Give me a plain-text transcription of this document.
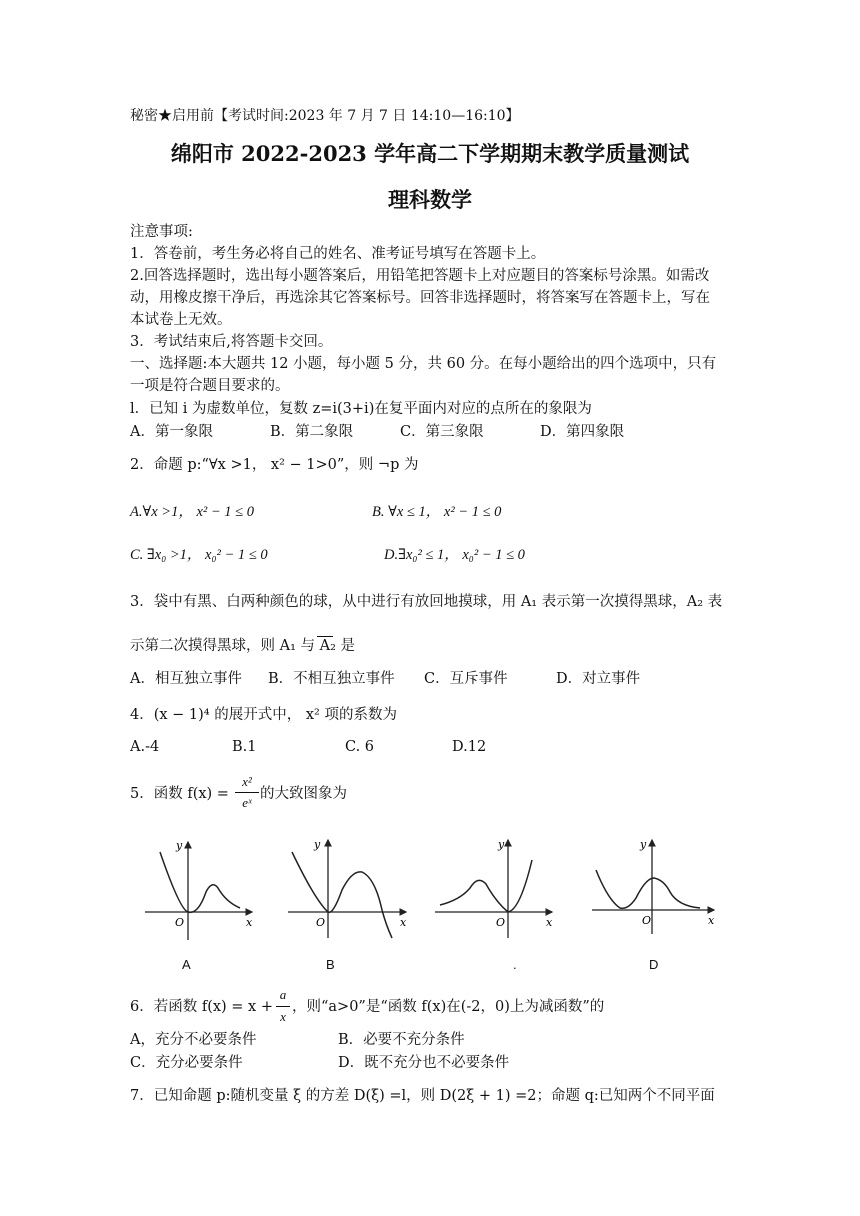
秘密★启用前【考试时间:2023 年 7 月 7 日 14:10—16:10】
绵阳市 2022-2023 学年高二下学期期末教学质量测试
理科数学
注意事项:
1．答卷前，考生务必将自己的姓名、准考证号填写在答题卡上。
2.回答选择题时，选出每小题答案后，用铅笔把答题卡上对应题目的答案标号涂黑。如需改
动，用橡皮擦干净后，再选涂其它答案标号。回答非选择题时，将答案写在答题卡上，写在
本试卷上无效。
3．考试结束后,将答题卡交回。
一、选择题:本大题共 12 小题，每小题 5 分，共 60 分。在每小题给出的四个选项中，只有
一项是符合题目要求的。
l．已知 i 为虚数单位，复数 z=i(3+i)在复平面内对应的点所在的象限为
A．第一象限	B．第二象限	C．第三象限	D．第四象限
2．命题 p:“∀x >1， x² − 1>0”，则 ¬p 为
A.∀x >1， x² − 1 ≤ 0	B. ∀x ≤ 1， x² − 1 ≤ 0
C. ∃x₀ >1， x₀² − 1 ≤ 0	D.∃x₀² ≤ 1， x₀² − 1 ≤ 0
3．袋中有黑、白两种颜色的球，从中进行有放回地摸球，用 A₁ 表示第一次摸得黑球，A₂ 表
示第二次摸得黑球，则 A₁ 与 A₂ 是
A．相互独立事件 B．不相互独立事件 C．互斥事件	D．对立事件
4．(x − 1)⁴ 的展开式中， x² 项的系数为
A.-4	B.1	C. 6	D.12
5．函数 f(x) =
x²
eˣ
的大致图象为
y
x
O
y
x
O
y
x
O
y
x
O
A	B	.	D
6．若函数 f(x) = x +
a
x
，则“a>0”是“函数 f(x)在(-2，0)上为减函数”的
A，充分不必要条件	B．必要不充分条件
C．充分必要条件	D．既不充分也不必要条件
7．已知命题 p:随机变量 ξ 的方差 D(ξ) =l，则 D(2ξ + 1) =2；命题 q:已知两个不同平面
